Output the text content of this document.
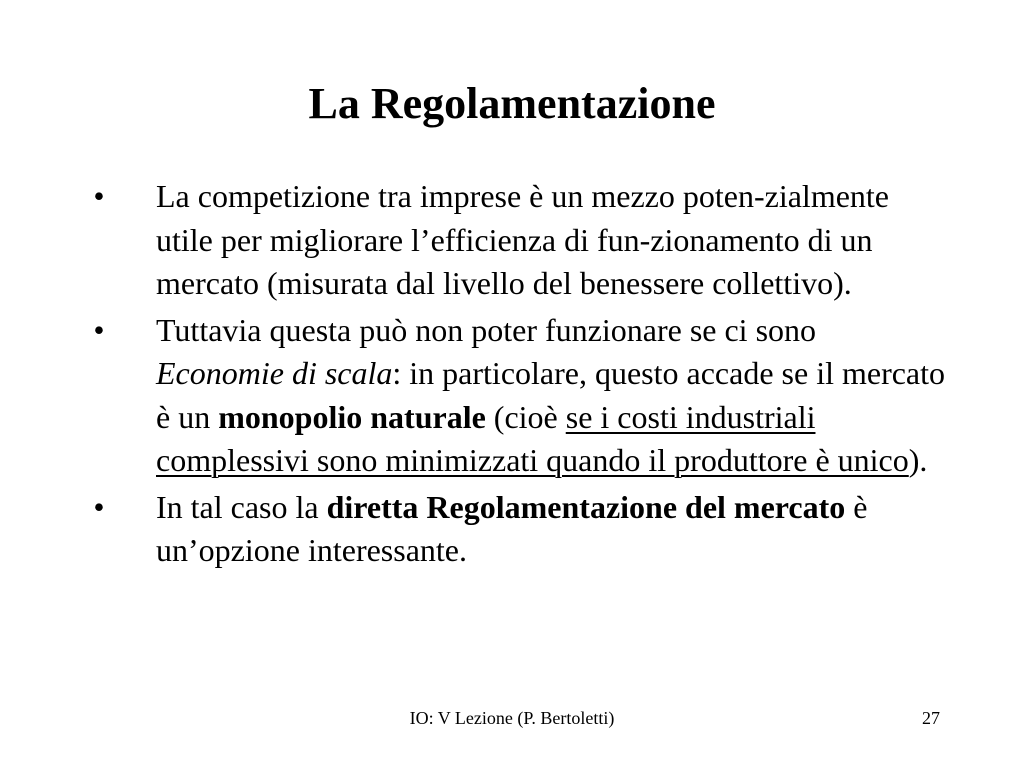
La Regolamentazione
• La competizione tra imprese è un mezzo poten-zialmente utile per migliorare l’efficienza di fun-zionamento di un mercato (misurata dal livello del benessere collettivo).
• Tuttavia questa può non poter funzionare se ci sono Economie di scala: in particolare, questo accade se il mercato è un monopolio naturale (cioè se i costi industriali complessivi sono minimizzati quando il produttore è unico).
• In tal caso la diretta Regolamentazione del mercato è un’opzione interessante.
IO: V Lezione (P. Bertoletti)	27
